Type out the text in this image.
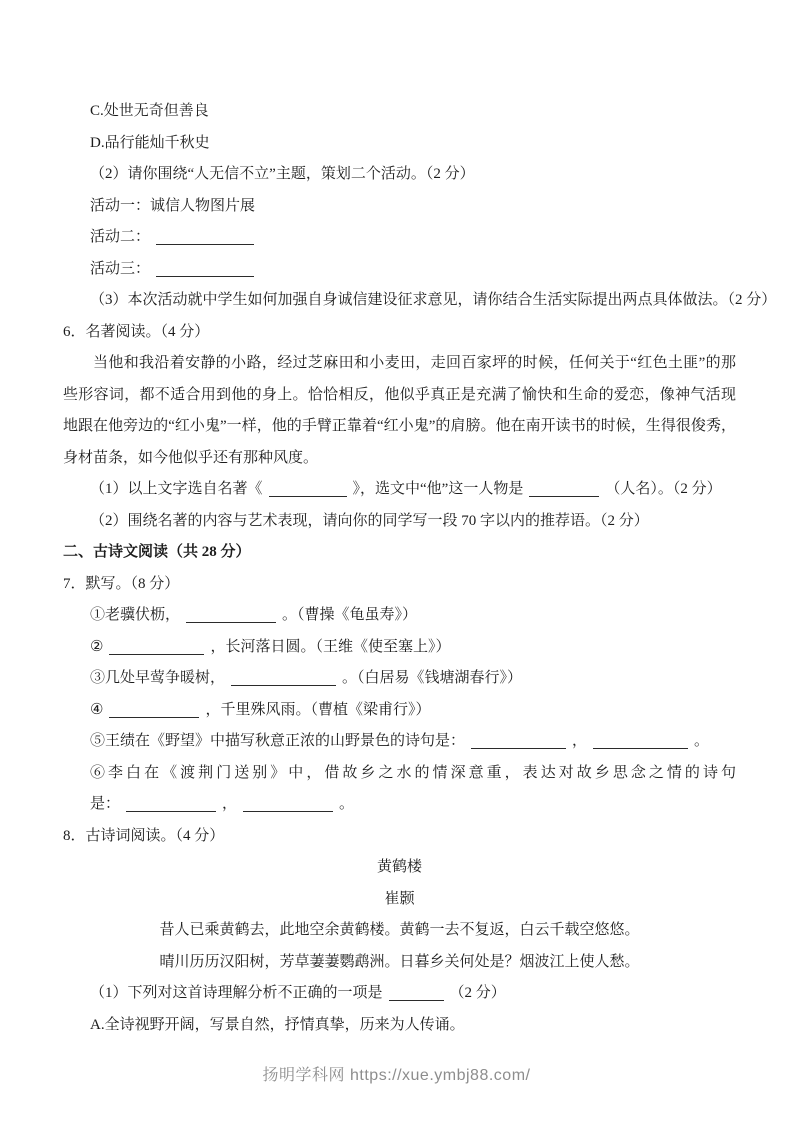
C.处世无奇但善良
D.品行能灿千秋史
（2）请你围绕“人无信不立”主题，策划二个活动。（2 分）
活动一：诚信人物图片展
活动二：
活动三：
（3）本次活动就中学生如何加强自身诚信建设征求意见，请你结合生活实际提出两点具体做法。（2 分）
6．名著阅读。（4 分）

当他和我沿着安静的小路，经过芝麻田和小麦田，走回百家坪的时候，任何关于“红色土匪”的那些形容词，都不适合用到他的身上。恰恰相反，他似乎真正是充满了愉快和生命的爱恋，像神气活现地跟在他旁边的“红小鬼”一样，他的手臂正靠着“红小鬼”的肩膀。他在南开读书的时候，生得很俊秀，身材苗条，如今他似乎还有那种风度。

（1）以上文字选自名著《	》，选文中“他”这一人物是	（人名）。（2 分）
（2）围绕名著的内容与艺术表现，请向你的同学写一段 70 字以内的推荐语。（2 分）
二、古诗文阅读（共 28 分）
7．默写。（8 分）
①老骥伏枥，	。（曹操《龟虽寿》）
②	，长河落日圆。（王维《使至塞上》）
③几处早莺争暖树，	。（白居易《钱塘湖春行》）
④	，千里殊风雨。（曹植《梁甫行》）
⑤王绩在《野望》中描写秋意正浓的山野景色的诗句是：	，	。
⑥李白在《渡荆门送别》中，借故乡之水的情深意重，表达对故乡思念之情的诗句
是：	，	。
8．古诗词阅读。（4 分）
黄鹤楼
崔颢
昔人已乘黄鹤去，此地空余黄鹤楼。黄鹤一去不复返，白云千载空悠悠。
晴川历历汉阳树，芳草萋萋鹦鹉洲。日暮乡关何处是？烟波江上使人愁。
（1）下列对这首诗理解分析不正确的一项是	（2 分）
A.全诗视野开阔，写景自然，抒情真挚，历来为人传诵。
扬明学科网 https://xue.ymbj88.com/
